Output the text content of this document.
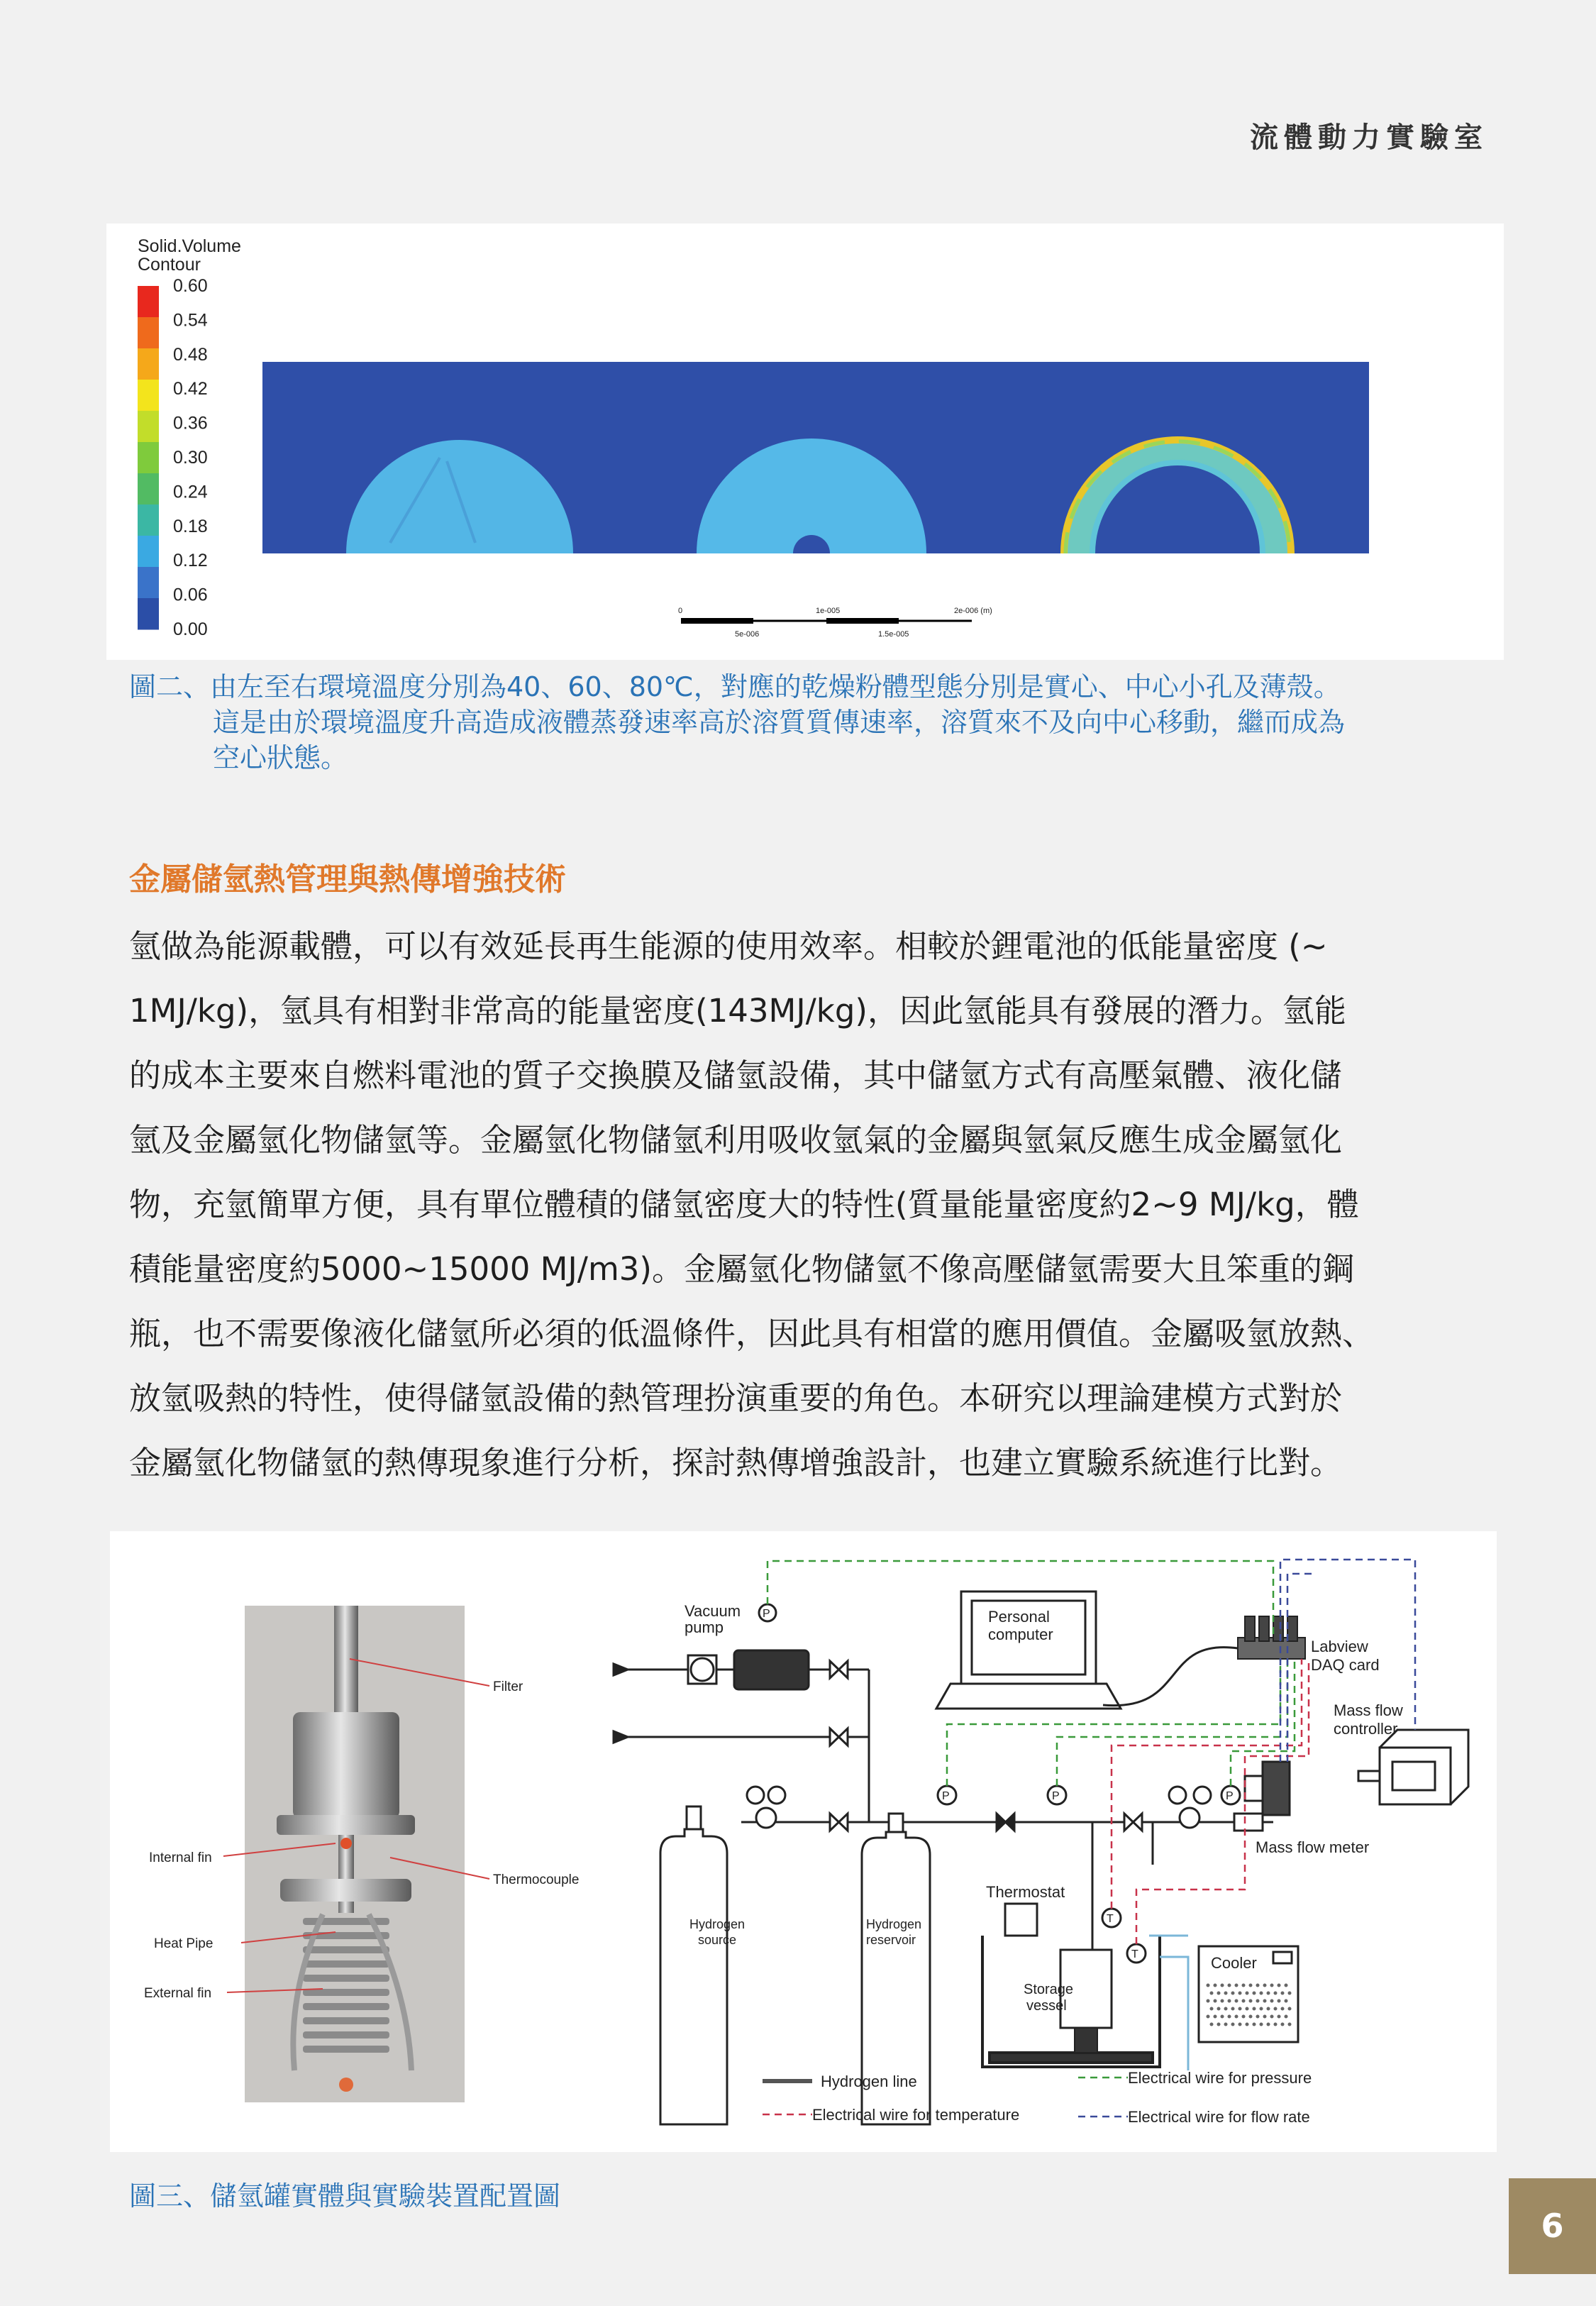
流體動力實驗室
Solid.Volume
Contour
0.60
0.54
0.48
0.42
0.36
0.30
0.24
0.18
0.12
0.06
0.00
0	1e-005	2e-006 (m)
5e-006	1.5e-005
圖二、由左至右環境溫度分別為40、60、80℃，對應的乾燥粉體型態分別是實心、中心小孔及薄殼。
這是由於環境溫度升高造成液體蒸發速率高於溶質質傳速率，溶質來不及向中心移動，繼而成為
空心狀態。
金屬儲氫熱管理與熱傳增強技術

氫做為能源載體，可以有效延長再生能源的使用效率。相較於鋰電池的低能量密度 (~

1MJ/kg)，氫具有相對非常高的能量密度(143MJ/kg)，因此氫能具有發展的潛力。氫能

的成本主要來自燃料電池的質子交換膜及儲氫設備，其中儲氫方式有高壓氣體、液化儲

氫及金屬氫化物儲氫等。金屬氫化物儲氫利用吸收氫氣的金屬與氫氣反應生成金屬氫化

物，充氫簡單方便，具有單位體積的儲氫密度大的特性(質量能量密度約2~9 MJ/kg，體

積能量密度約5000~15000 MJ/m3)。金屬氫化物儲氫不像高壓儲氫需要大且笨重的鋼

瓶，也不需要像液化儲氫所必須的低溫條件，因此具有相當的應用價值。金屬吸氫放熱、

放氫吸熱的特性，使得儲氫設備的熱管理扮演重要的角色。本研究以理論建模方式對於

金屬氫化物儲氫的熱傳現象進行分析，探討熱傳增強設計，也建立實驗系統進行比對。

Filter
Internal fin
Thermocouple
Heat Pipe
External fin
P
Vacuum
pump
Personal
computer
Labview
DAQ card
Mass flow
controller
Mass flow meter
Hydrogen
source
Hydrogen
reservoir
P	P	P
Thermostat
Storage
vessel
T
T	Cooler
Hydrogen line
Electrical wire for temperature
Electrical wire for pressure
Electrical wire for flow rate
圖三、儲氫罐實體與實驗裝置配置圖
6
